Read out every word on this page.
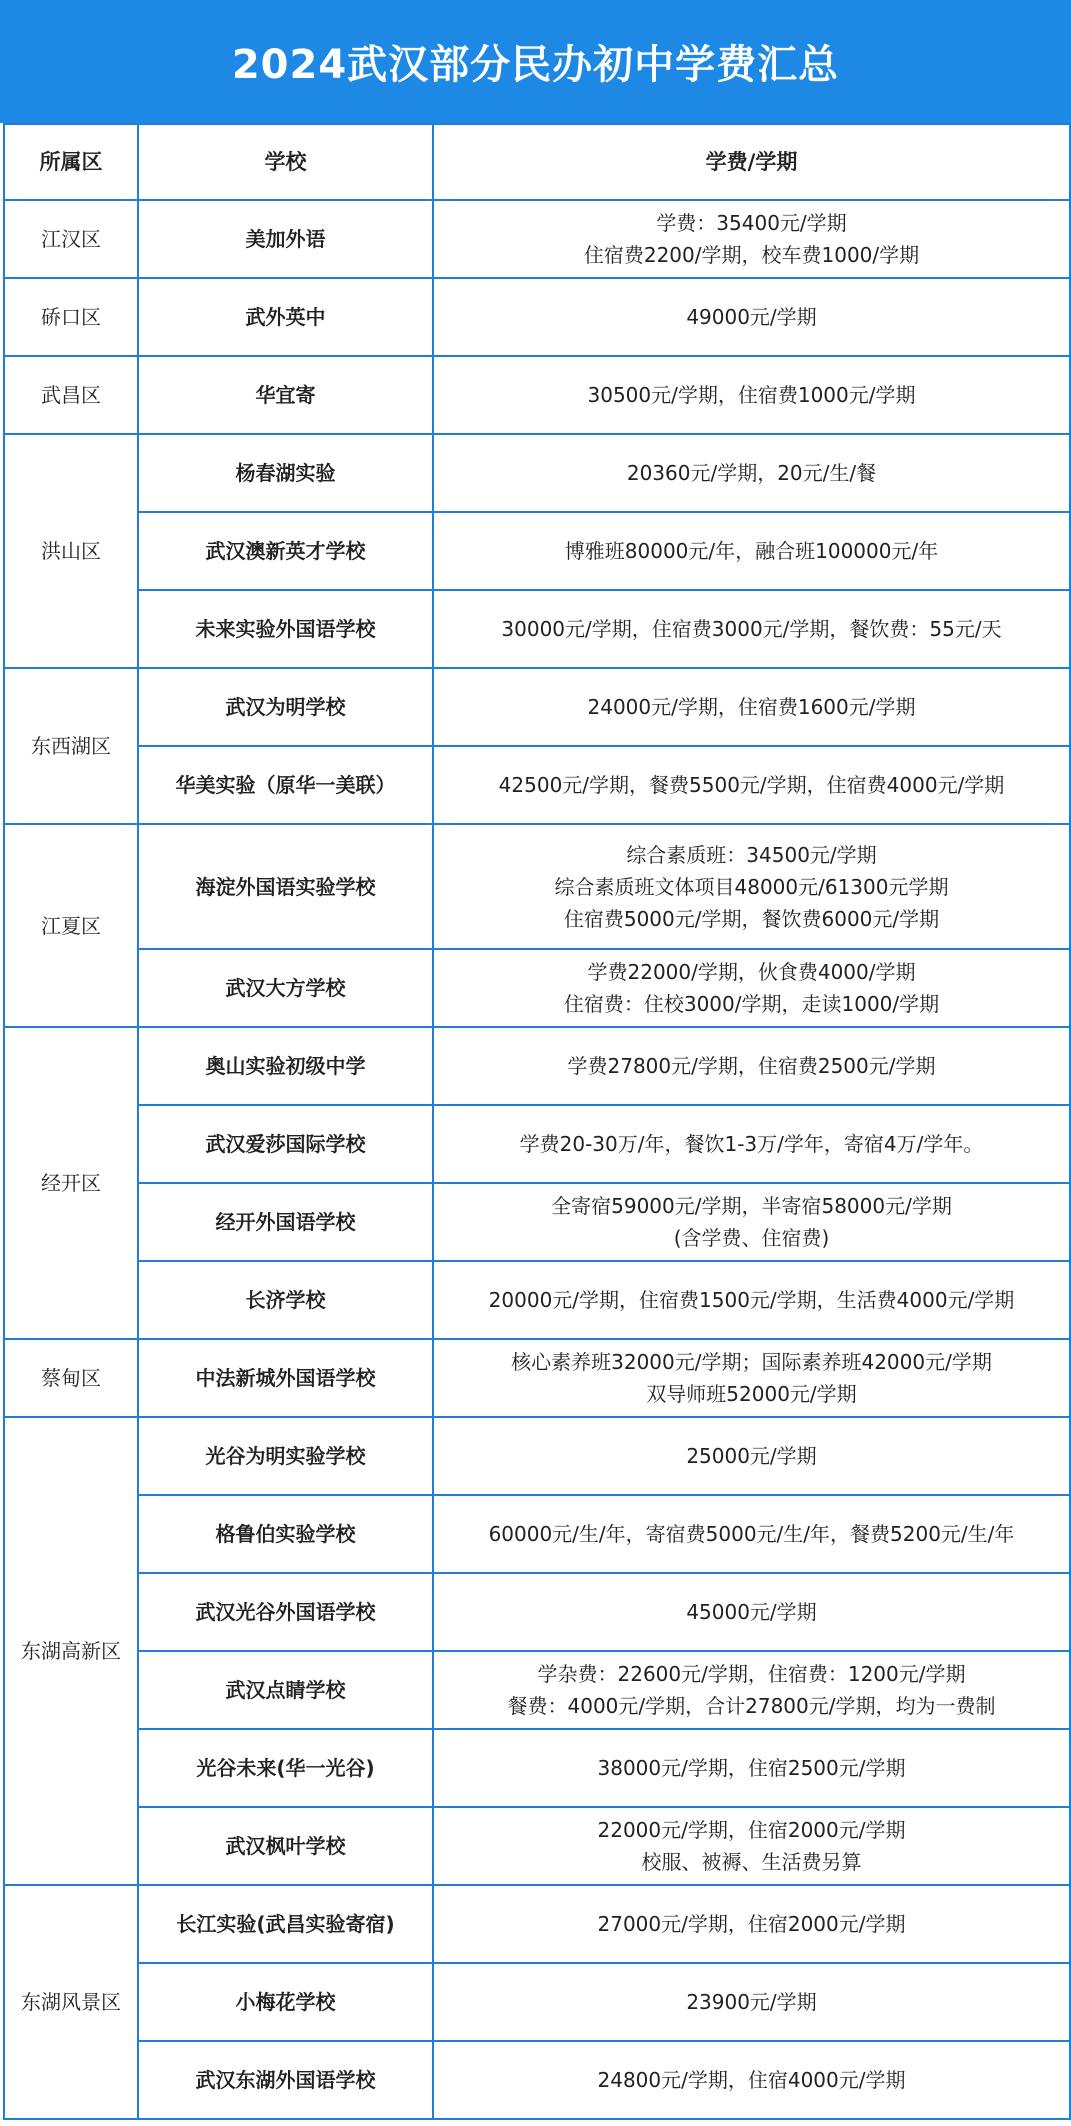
2024武汉部分民办初中学费汇总
所属区	学校	学费/学期
江汉区	美加外语	学费：35400元/学期
住宿费2200/学期，校车费1000/学期

硚口区	武外英中	49000元/学期

武昌区	华宜寄	30500元/学期，住宿费1000元/学期

洪山区	杨春湖实验	20360元/学期，20元/生/餐

	武汉澳新英才学校	博雅班80000元/年，融合班100000元/年

	未来实验外国语学校	30000元/学期，住宿费3000元/学期，餐饮费：55元/天

东西湖区	武汉为明学校	24000元/学期，住宿费1600元/学期

	华美实验（原华一美联）	42500元/学期，餐费5500元/学期，住宿费4000元/学期

江夏区	海淀外国语实验学校	综合素质班：34500元/学期
综合素质班文体项目48000元/61300元学期
住宿费5000元/学期，餐饮费6000元/学期

	武汉大方学校	学费22000/学期，伙食费4000/学期
住宿费：住校3000/学期，走读1000/学期

经开区	奥山实验初级中学	学费27800元/学期，住宿费2500元/学期

	武汉爱莎国际学校	学费20-30万/年，餐饮1-3万/学年，寄宿4万/学年。

	经开外国语学校	全寄宿59000元/学期，半寄宿58000元/学期
(含学费、住宿费)

	长济学校	20000元/学期，住宿费1500元/学期，生活费4000元/学期

蔡甸区	中法新城外国语学校	核心素养班32000元/学期；国际素养班42000元/学期
双导师班52000元/学期

东湖高新区	光谷为明实验学校	25000元/学期

	格鲁伯实验学校	60000元/生/年，寄宿费5000元/生/年，餐费5200元/生/年

	武汉光谷外国语学校	45000元/学期

	武汉点睛学校	学杂费：22600元/学期，住宿费：1200元/学期
餐费：4000元/学期，合计27800元/学期，均为一费制

	光谷未来(华一光谷)	38000元/学期，住宿2500元/学期

	武汉枫叶学校	22000元/学期，住宿2000元/学期
校服、被褥、生活费另算

东湖风景区	长江实验(武昌实验寄宿)	27000元/学期，住宿2000元/学期

	小梅花学校	23900元/学期

	武汉东湖外国语学校	24800元/学期，住宿4000元/学期
